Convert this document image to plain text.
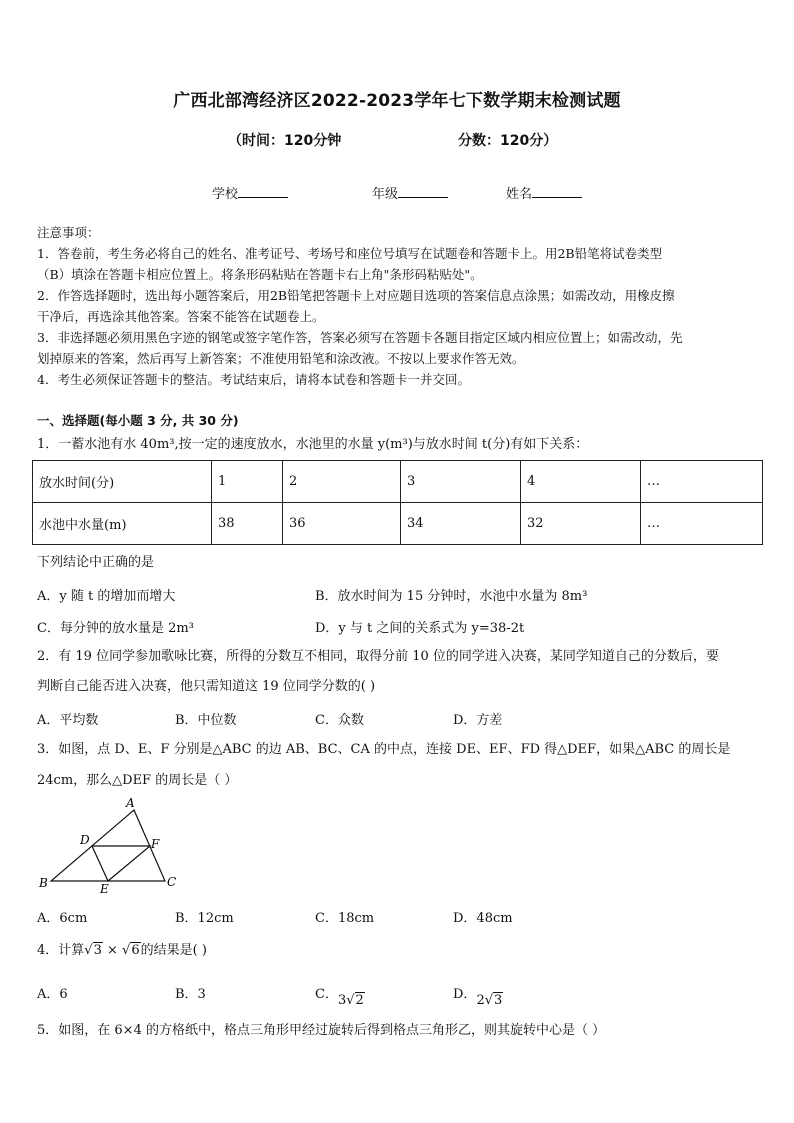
广西北部湾经济区2022-2023学年七下数学期末检测试题
（时间：120分钟	分数：120分）
学校	年级	姓名
注意事项：
1．答卷前，考生务必将自己的姓名、准考证号、考场号和座位号填写在试题卷和答题卡上。用2B铅笔将试卷类型
（B）填涂在答题卡相应位置上。将条形码粘贴在答题卡右上角"条形码粘贴处"。
2．作答选择题时，选出每小题答案后，用2B铅笔把答题卡上对应题目选项的答案信息点涂黑；如需改动，用橡皮擦
干净后，再选涂其他答案。答案不能答在试题卷上。
3．非选择题必须用黑色字迹的钢笔或签字笔作答，答案必须写在答题卡各题目指定区域内相应位置上；如需改动，先
划掉原来的答案，然后再写上新答案；不准使用铅笔和涂改液。不按以上要求作答无效。
4．考生必须保证答题卡的整洁。考试结束后，请将本试卷和答题卡一并交回。
一、选择题(每小题 3 分, 共 30 分)
1．一蓄水池有水 40m³,按一定的速度放水，水池里的水量 y(m³)与放水时间 t(分)有如下关系：
放水时间(分)	1	2	3	4	…
水池中水量(m)	38	36	34	32	…
下列结论中正确的是
A．y 随 t 的增加而增大	B．放水时间为 15 分钟时，水池中水量为 8m³
C．每分钟的放水量是 2m³	D．y 与 t 之间的关系式为 y=38-2t
2．有 19 位同学参加歌咏比赛，所得的分数互不相同，取得分前 10 位的同学进入决赛，某同学知道自己的分数后，要
判断自己能否进入决赛，他只需知道这 19 位同学分数的( )
A．平均数	B．中位数	C．众数	D．方差
3．如图，点 D、E、F 分别是△ABC 的边 AB、BC、CA 的中点，连接 DE、EF、FD 得△DEF，如果△ABC 的周长是
24cm，那么△DEF 的周长是（ ）
A
D	F
B	E	C
A．6cm	B．12cm	C．18cm	D．48cm
4．计算√3 × √6的结果是( )
A．6	B．3	C．3√2	D．2√3
5．如图，在 6×4 的方格纸中，格点三角形甲经过旋转后得到格点三角形乙，则其旋转中心是（ ）
